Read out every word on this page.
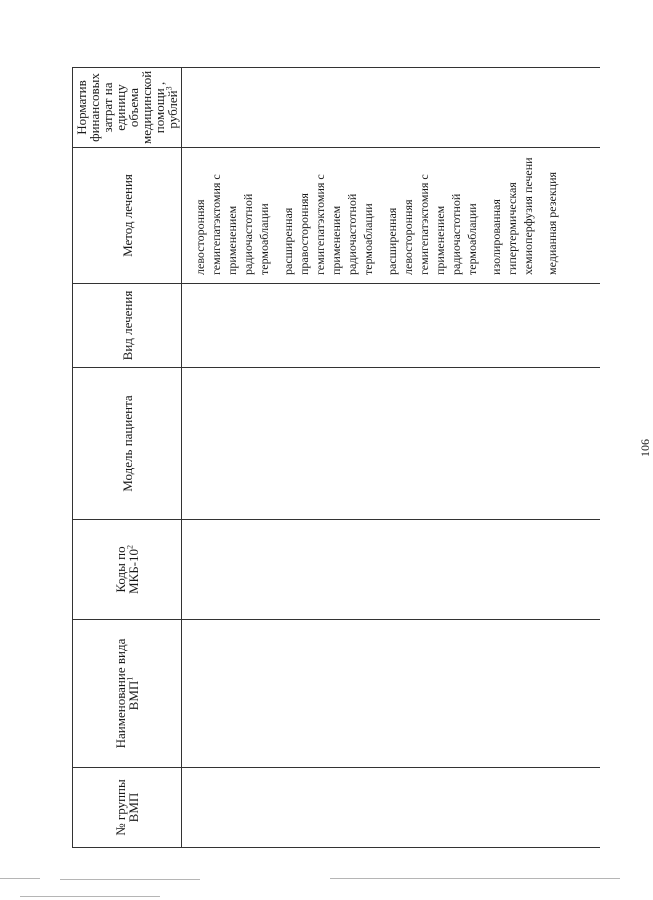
№ группы ВМП	Наименование вида ВМП$^1$	Коды по МКБ-$10^2$	Модель пациента	Вид лечения	Метод лечения	Норматив финансовых затрат на единицу объема медицинской помощи , рублей$^3$

					левосторонняя гемигепатэктомия с применением радиочастотной термоаблации расширенная правосторонняя гемигепатэктомия с применением радиочастотной термоаблации расширенная левосторонняя гемигепатэктомия с применением радиочастотной термоаблации изолированная гипертермическая хемиоперфузия печени медианная резекция	

106
